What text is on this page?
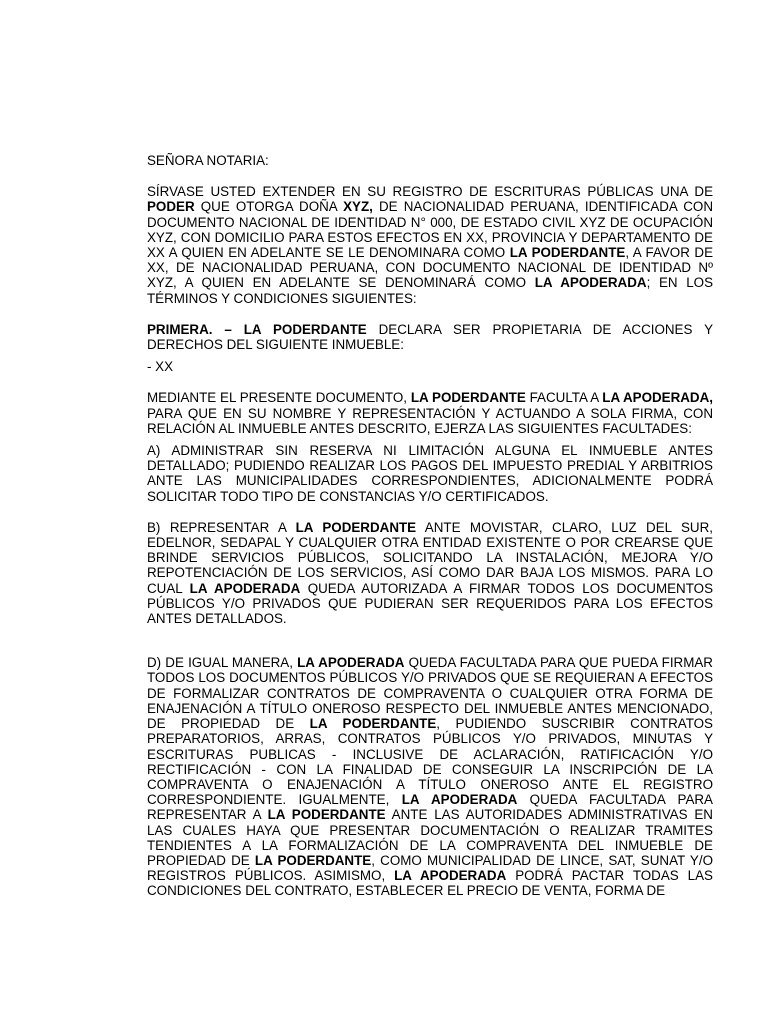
SEÑORA NOTARIA:

SÍRVASE USTED EXTENDER EN SU REGISTRO DE ESCRITURAS PÚBLICAS UNA DE PODER QUE OTORGA DOÑA XYZ, DE NACIONALIDAD PERUANA, IDENTIFICADA CON DOCUMENTO NACIONAL DE IDENTIDAD N° 000, DE ESTADO CIVIL XYZ DE OCUPACIÓN XYZ, CON DOMICILIO PARA ESTOS EFECTOS EN XX, PROVINCIA Y DEPARTAMENTO DE XX A QUIEN EN ADELANTE SE LE DENOMINARA COMO LA PODERDANTE, A FAVOR DE XX, DE NACIONALIDAD PERUANA, CON DOCUMENTO NACIONAL DE IDENTIDAD Nº XYZ, A QUIEN EN ADELANTE SE DENOMINARÁ COMO LA APODERADA; EN LOS TÉRMINOS Y CONDICIONES SIGUIENTES:

PRIMERA. – LA PODERDANTE DECLARA SER PROPIETARIA DE ACCIONES Y DERECHOS DEL SIGUIENTE INMUEBLE:

- XX

MEDIANTE EL PRESENTE DOCUMENTO, LA PODERDANTE FACULTA A LA APODERADA, PARA QUE EN SU NOMBRE Y REPRESENTACIÓN Y ACTUANDO A SOLA FIRMA, CON RELACIÓN AL INMUEBLE ANTES DESCRITO, EJERZA LAS SIGUIENTES FACULTADES:

A) ADMINISTRAR SIN RESERVA NI LIMITACIÓN ALGUNA EL INMUEBLE ANTES DETALLADO; PUDIENDO REALIZAR LOS PAGOS DEL IMPUESTO PREDIAL Y ARBITRIOS ANTE LAS MUNICIPALIDADES CORRESPONDIENTES, ADICIONALMENTE PODRÁ SOLICITAR TODO TIPO DE CONSTANCIAS Y/O CERTIFICADOS.

B) REPRESENTAR A LA PODERDANTE ANTE MOVISTAR, CLARO, LUZ DEL SUR, EDELNOR, SEDAPAL Y CUALQUIER OTRA ENTIDAD EXISTENTE O POR CREARSE QUE BRINDE SERVICIOS PÚBLICOS, SOLICITANDO LA INSTALACIÓN, MEJORA Y/O REPOTENCIACIÓN DE LOS SERVICIOS, ASÍ COMO DAR BAJA LOS MISMOS. PARA LO CUAL LA APODERADA QUEDA AUTORIZADA A FIRMAR TODOS LOS DOCUMENTOS PÚBLICOS Y/O PRIVADOS QUE PUDIERAN SER REQUERIDOS PARA LOS EFECTOS ANTES DETALLADOS.

D) DE IGUAL MANERA, LA APODERADA QUEDA FACULTADA PARA QUE PUEDA FIRMAR TODOS LOS DOCUMENTOS PÚBLICOS Y/O PRIVADOS QUE SE REQUIERAN A EFECTOS DE FORMALIZAR CONTRATOS DE COMPRAVENTA O CUALQUIER OTRA FORMA DE ENAJENACIÓN A TÍTULO ONEROSO RESPECTO DEL INMUEBLE ANTES MENCIONADO, DE PROPIEDAD DE LA PODERDANTE, PUDIENDO SUSCRIBIR CONTRATOS PREPARATORIOS, ARRAS, CONTRATOS PÚBLICOS Y/O PRIVADOS, MINUTAS Y ESCRITURAS PUBLICAS - INCLUSIVE DE ACLARACIÓN, RATIFICACIÓN Y/O RECTIFICACIÓN - CON LA FINALIDAD DE CONSEGUIR LA INSCRIPCIÓN DE LA COMPRAVENTA O ENAJENACIÓN A TÍTULO ONEROSO ANTE EL REGISTRO CORRESPONDIENTE. IGUALMENTE, LA APODERADA QUEDA FACULTADA PARA REPRESENTAR A LA PODERDANTE ANTE LAS AUTORIDADES ADMINISTRATIVAS EN LAS CUALES HAYA QUE PRESENTAR DOCUMENTACIÓN O REALIZAR TRAMITES TENDIENTES A LA FORMALIZACIÓN DE LA COMPRAVENTA DEL INMUEBLE DE PROPIEDAD DE LA PODERDANTE, COMO MUNICIPALIDAD DE LINCE, SAT, SUNAT Y/O REGISTROS PÚBLICOS. ASIMISMO, LA APODERADA PODRÁ PACTAR TODAS LAS CONDICIONES DEL CONTRATO, ESTABLECER EL PRECIO DE VENTA, FORMA DE
